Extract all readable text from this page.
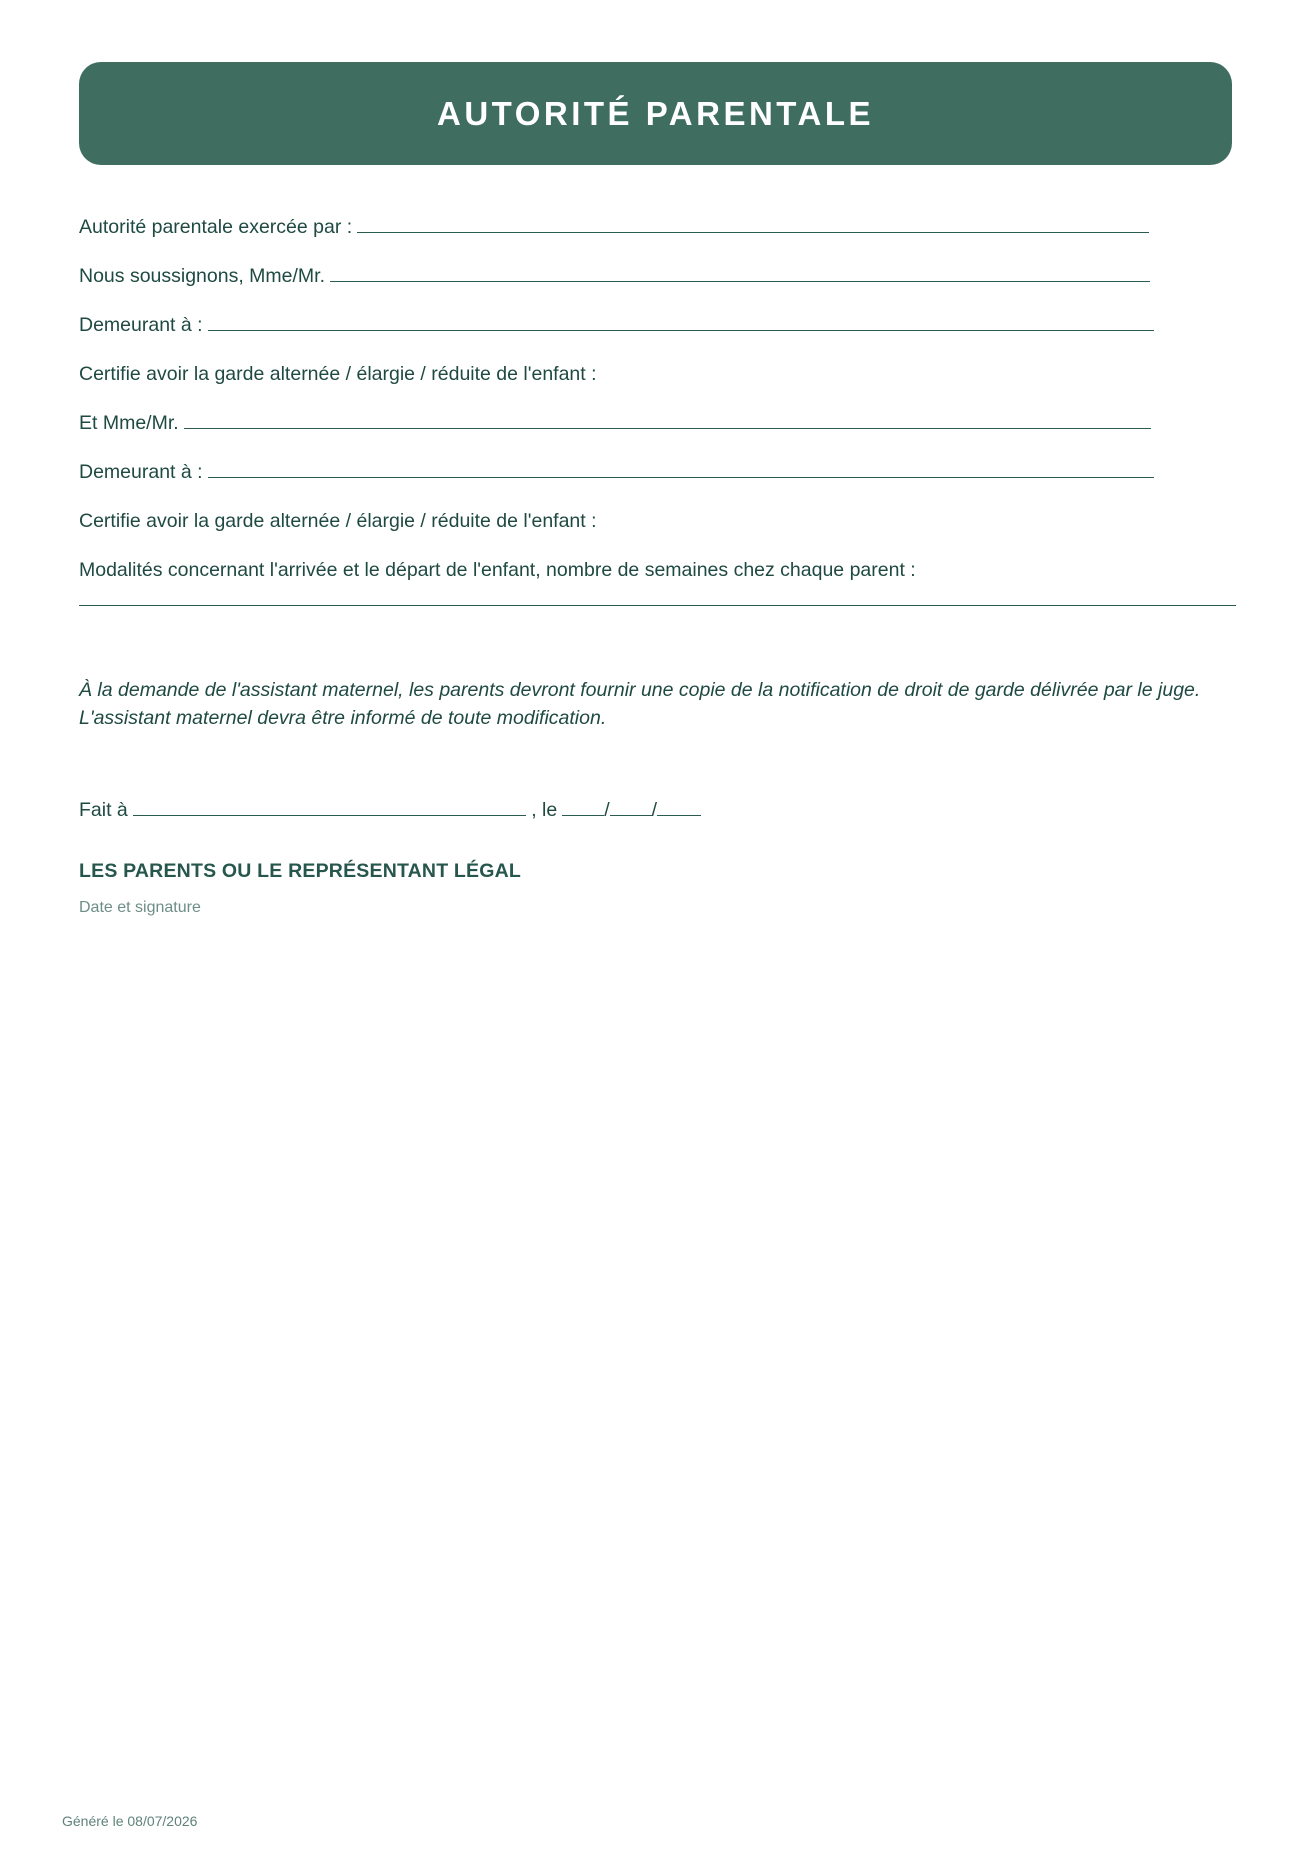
AUTORITÉ PARENTALE
Autorité parentale exercée par :
Nous soussignons, Mme/Mr.
Demeurant à :
Certifie avoir la garde alternée / élargie / réduite de l'enfant :
Et Mme/Mr.
Demeurant à :
Certifie avoir la garde alternée / élargie / réduite de l'enfant :
Modalités concernant l'arrivée et le départ de l'enfant, nombre de semaines chez chaque parent :
À la demande de l'assistant maternel, les parents devront fournir une copie de la notification de droit de garde délivrée par le juge.
L'assistant maternel devra être informé de toute modification.
Fait à	, le / /
LES PARENTS OU LE REPRÉSENTANT LÉGAL
Date et signature
Généré le 08/07/2026
